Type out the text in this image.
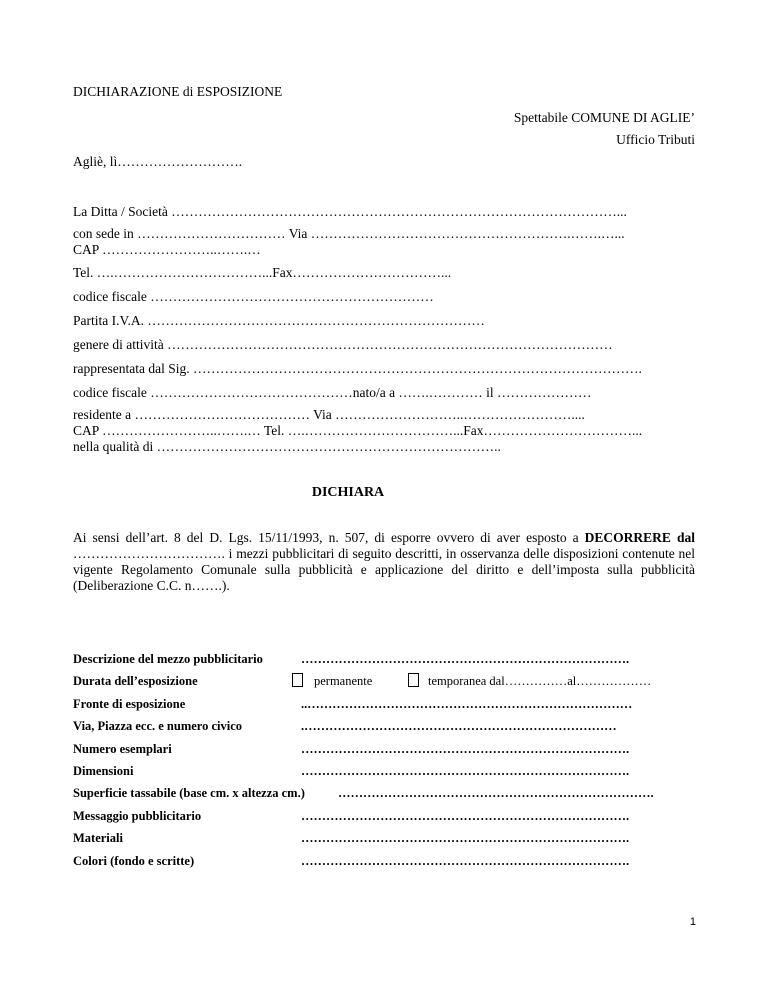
DICHIARAZIONE di ESPOSIZIONE
Spettabile COMUNE DI AGLIE’
Ufficio Tributi
Agliè, lì……………………….
La Ditta / Società ………………………………………………………………………………………...
con sede in …………………………… Via ………………………………………………….…….…...
CAP ……………………..…….…
Tel. ….……………………………...Fax……………………………...
codice fiscale ………………………………………………………
Partita I.V.A. …………………………………………………………………
genere di attività ………………………………………………………………………………………
rappresentata dal Sig. ……………………………………………………………………………………….
codice fiscale ………………………………………nato/a a …….………… il …………………
residente a ………………………………… Via ………………………..……………………....
CAP ……………………..…….… Tel. ….……………………………...Fax……………………………...
nella qualità di …………………………………………………………………..
DICHIARA
Ai sensi dell’art. 8 del D. Lgs. 15/11/1993, n. 507, di esporre ovvero di aver esposto a DECORRERE dal ……………………………. i mezzi pubblicitari di seguito descritti, in osservanza delle disposizioni contenute nel vigente Regolamento Comunale sulla pubblicità e applicazione del diritto e dell’imposta sulla pubblicità (Deliberazione C.C. n…….).
Descrizione del mezzo pubblicitario	…………………………………………………………………….
Durata dell’esposizione	permanente	temporanea dal……………al………………
Fronte di esposizione	..……………………………………………………………………
Via, Piazza ecc. e numero civico	.…………………………………………………………………
Numero esemplari	…………………………………………………………………….
Dimensioni	…………………………………………………………………….
Superficie tassabile (base cm. x altezza cm.)	………………………………………………………………….
Messaggio pubblicitario	…………………………………………………………………….
Materiali	…………………………………………………………………….
Colori (fondo e scritte)	…………………………………………………………………….
1
